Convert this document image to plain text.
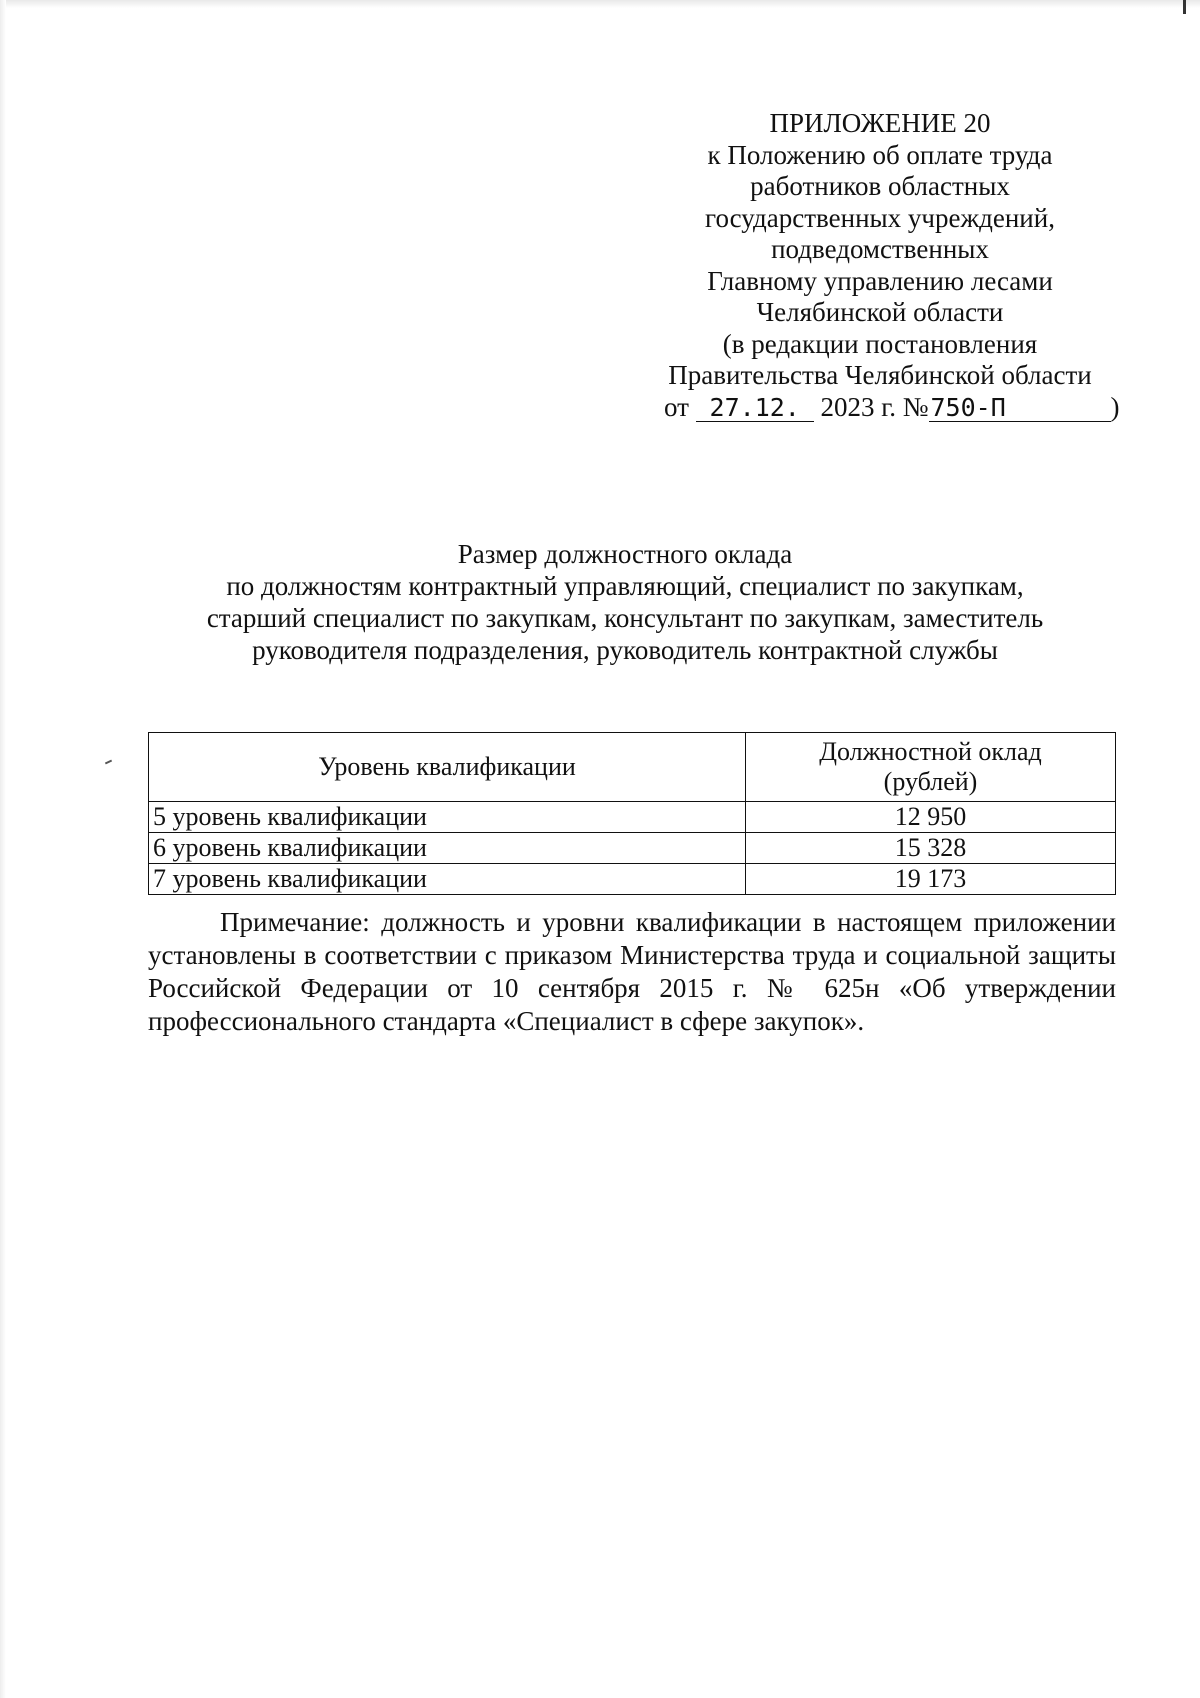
ПРИЛОЖЕНИЕ 20
к Положению об оплате труда
работников областных
государственных учреждений,
подведомственных
Главному управлению лесами
Челябинской области
(в редакции постановления
Правительства Челябинской области
от 27.12. 2023 г. №750-П	)
Размер должностного оклада
по должностям контрактный управляющий, специалист по закупкам,
старший специалист по закупкам, консультант по закупкам, заместитель
руководителя подразделения, руководитель контрактной службы
Уровень квалификации	Должностной оклад
(рублей)
5 уровень квалификации	12 950
6 уровень квалификации	15 328
7 уровень квалификации	19 173
Примечание: должность и уровни квалификации в настоящем приложении установлены в соответствии с приказом Министерства труда и социальной защиты Российской Федерации от 10 сентября 2015 г. № 625н «Об утверждении профессионального стандарта «Специалист в сфере закупок».
